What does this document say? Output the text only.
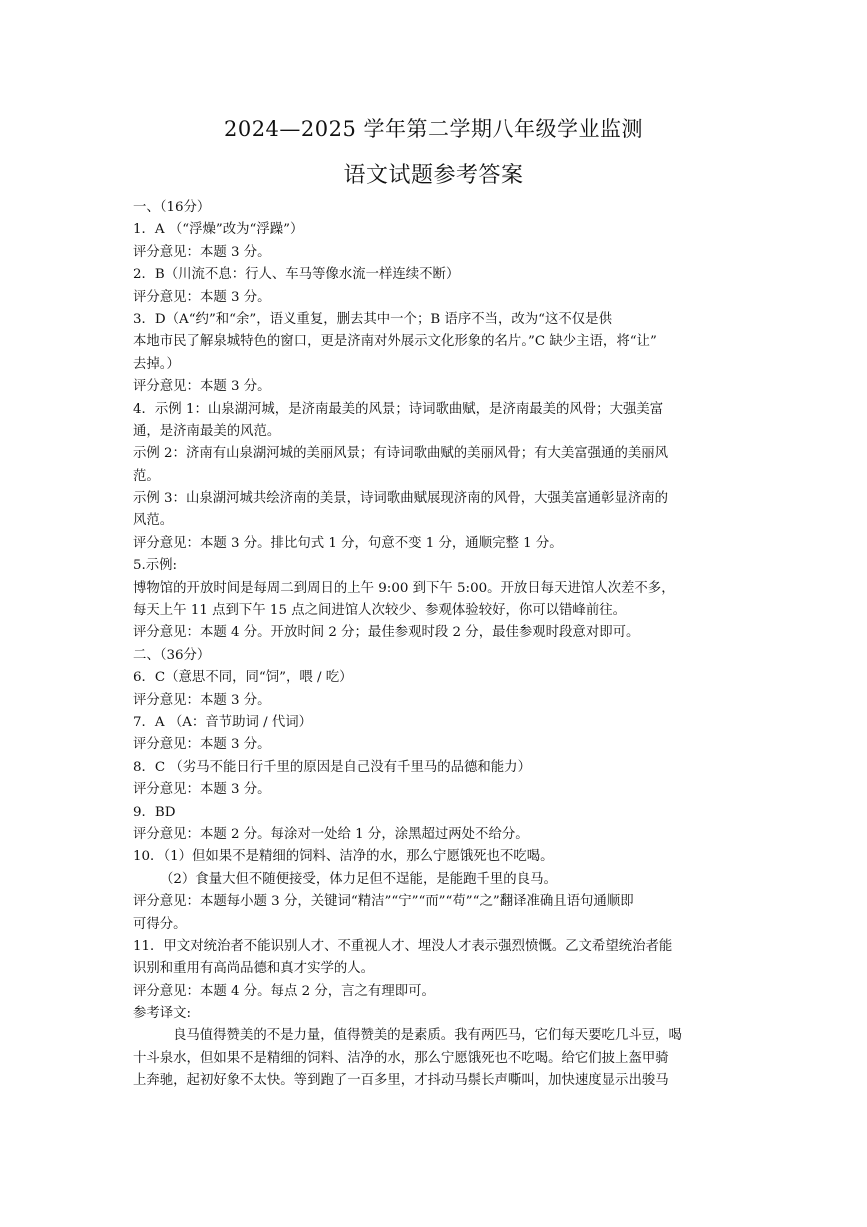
2024—2025 学年第二学期八年级学业监测
语文试题参考答案
一、（16分）
1．A （“浮燥”改为“浮躁”）
评分意见：本题 3 分。
2．B（川流不息：行人、车马等像水流一样连续不断）
评分意见：本题 3 分。
3．D（A“约”和“余”，语义重复，删去其中一个；B 语序不当，改为“这不仅是供
本地市民了解泉城特色的窗口，更是济南对外展示文化形象的名片。”C 缺少主语，将“让”
去掉。）
评分意见：本题 3 分。
4．示例 1：山泉湖河城，是济南最美的风景；诗词歌曲赋，是济南最美的风骨；大强美富
通，是济南最美的风范。
示例 2：济南有山泉湖河城的美丽风景；有诗词歌曲赋的美丽风骨；有大美富强通的美丽风
范。
示例 3：山泉湖河城共绘济南的美景，诗词歌曲赋展现济南的风骨，大强美富通彰显济南的
风范。
评分意见：本题 3 分。排比句式 1 分，句意不变 1 分，通顺完整 1 分。
5.示例:
博物馆的开放时间是每周二到周日的上午 9:00 到下午 5:00。开放日每天进馆人次差不多，
每天上午 11 点到下午 15 点之间进馆人次较少、参观体验较好，你可以错峰前往。
评分意见：本题 4 分。开放时间 2 分；最佳参观时段 2 分，最佳参观时段意对即可。
二、（36分）
6．C（意思不同，同“饲”，喂 / 吃）
评分意见：本题 3 分。
7．A （A：音节助词 / 代词）
评分意见：本题 3 分。
8．C （劣马不能日行千里的原因是自己没有千里马的品德和能力）
评分意见：本题 3 分。
9．BD
评分意见：本题 2 分。每涂对一处给 1 分，涂黑超过两处不给分。
10．（1）但如果不是精细的饲料、洁净的水，那么宁愿饿死也不吃喝。
（2）食量大但不随便接受，体力足但不逞能，是能跑千里的良马。
评分意见：本题每小题 3 分，关键词“精洁”“宁”“而”“苟”“之”翻译准确且语句通顺即
可得分。
11．甲文对统治者不能识别人才、不重视人才、埋没人才表示强烈愤慨。乙文希望统治者能
识别和重用有高尚品德和真才实学的人。
评分意见：本题 4 分。每点 2 分，言之有理即可。
参考译文:
良马值得赞美的不是力量，值得赞美的是素质。我有两匹马，它们每天要吃几斗豆，喝
十斗泉水，但如果不是精细的饲料、洁净的水，那么宁愿饿死也不吃喝。给它们披上盔甲骑
上奔驰，起初好象不太快。等到跑了一百多里，才抖动马鬃长声嘶叫，加快速度显示出骏马
